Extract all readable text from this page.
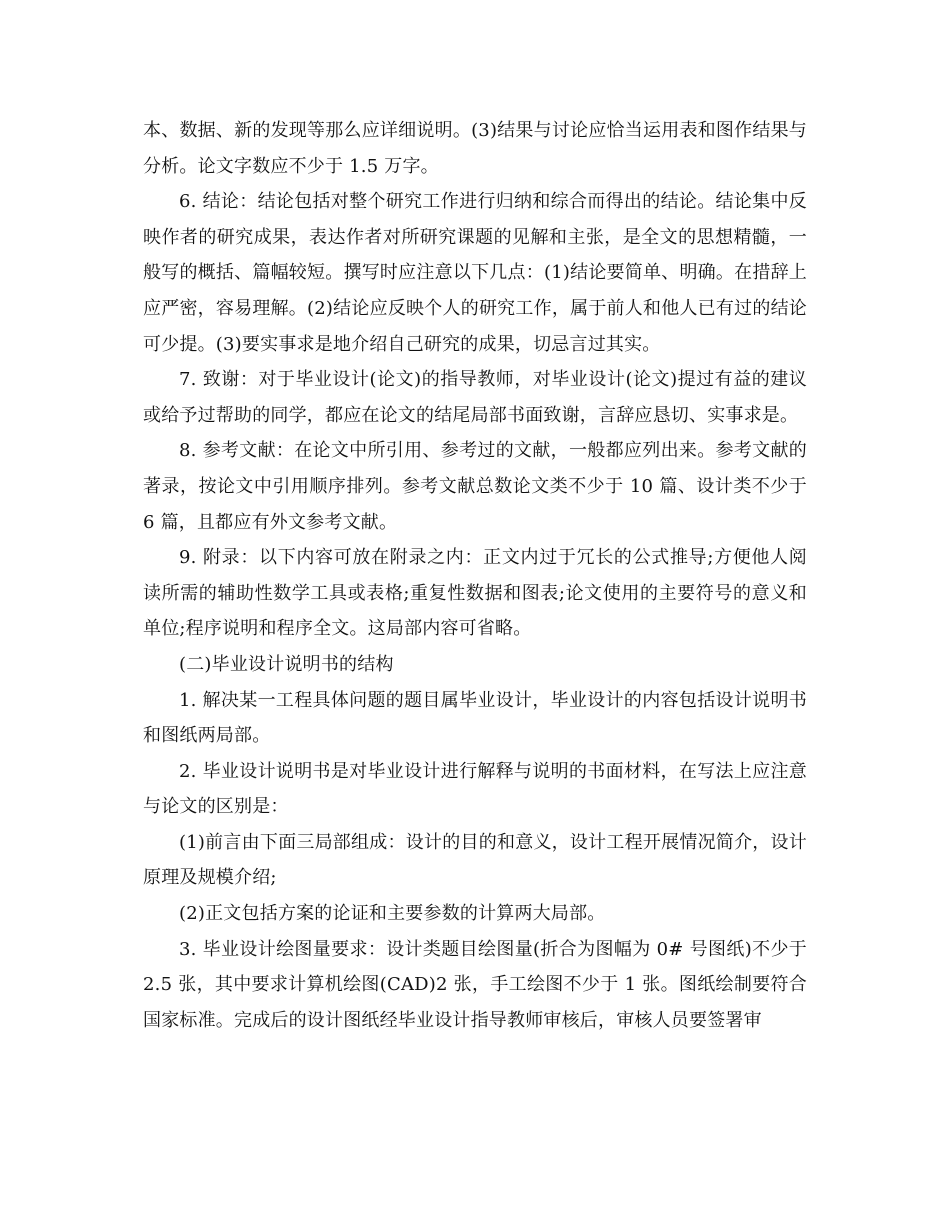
本、数据、新的发现等那么应详细说明。(3)结果与讨论应恰当运用表和图作结果与分析。论文字数应不少于 1.5 万字。

6. 结论：结论包括对整个研究工作进行归纳和综合而得出的结论。结论集中反映作者的研究成果，表达作者对所研究课题的见解和主张，是全文的思想精髓，一般写的概括、篇幅较短。撰写时应注意以下几点：(1)结论要简单、明确。在措辞上应严密，容易理解。(2)结论应反映个人的研究工作，属于前人和他人已有过的结论可少提。(3)要实事求是地介绍自己研究的成果，切忌言过其实。

7. 致谢：对于毕业设计(论文)的指导教师，对毕业设计(论文)提过有益的建议或给予过帮助的同学，都应在论文的结尾局部书面致谢，言辞应恳切、实事求是。

8. 参考文献：在论文中所引用、参考过的文献，一般都应列出来。参考文献的著录，按论文中引用顺序排列。参考文献总数论文类不少于 10 篇、设计类不少于 6 篇，且都应有外文参考文献。

9. 附录：以下内容可放在附录之内：正文内过于冗长的公式推导;方便他人阅读所需的辅助性数学工具或表格;重复性数据和图表;论文使用的主要符号的意义和单位;程序说明和程序全文。这局部内容可省略。

(二)毕业设计说明书的结构

1. 解决某一工程具体问题的题目属毕业设计，毕业设计的内容包括设计说明书和图纸两局部。

2. 毕业设计说明书是对毕业设计进行解释与说明的书面材料，在写法上应注意与论文的区别是：

(1)前言由下面三局部组成：设计的目的和意义，设计工程开展情况简介，设计原理及规模介绍;

(2)正文包括方案的论证和主要参数的计算两大局部。

3. 毕业设计绘图量要求：设计类题目绘图量(折合为图幅为 0# 号图纸)不少于 2.5 张，其中要求计算机绘图(CAD)2 张，手工绘图不少于 1 张。图纸绘制要符合国家标准。完成后的设计图纸经毕业设计指导教师审核后，审核人员要签署审
